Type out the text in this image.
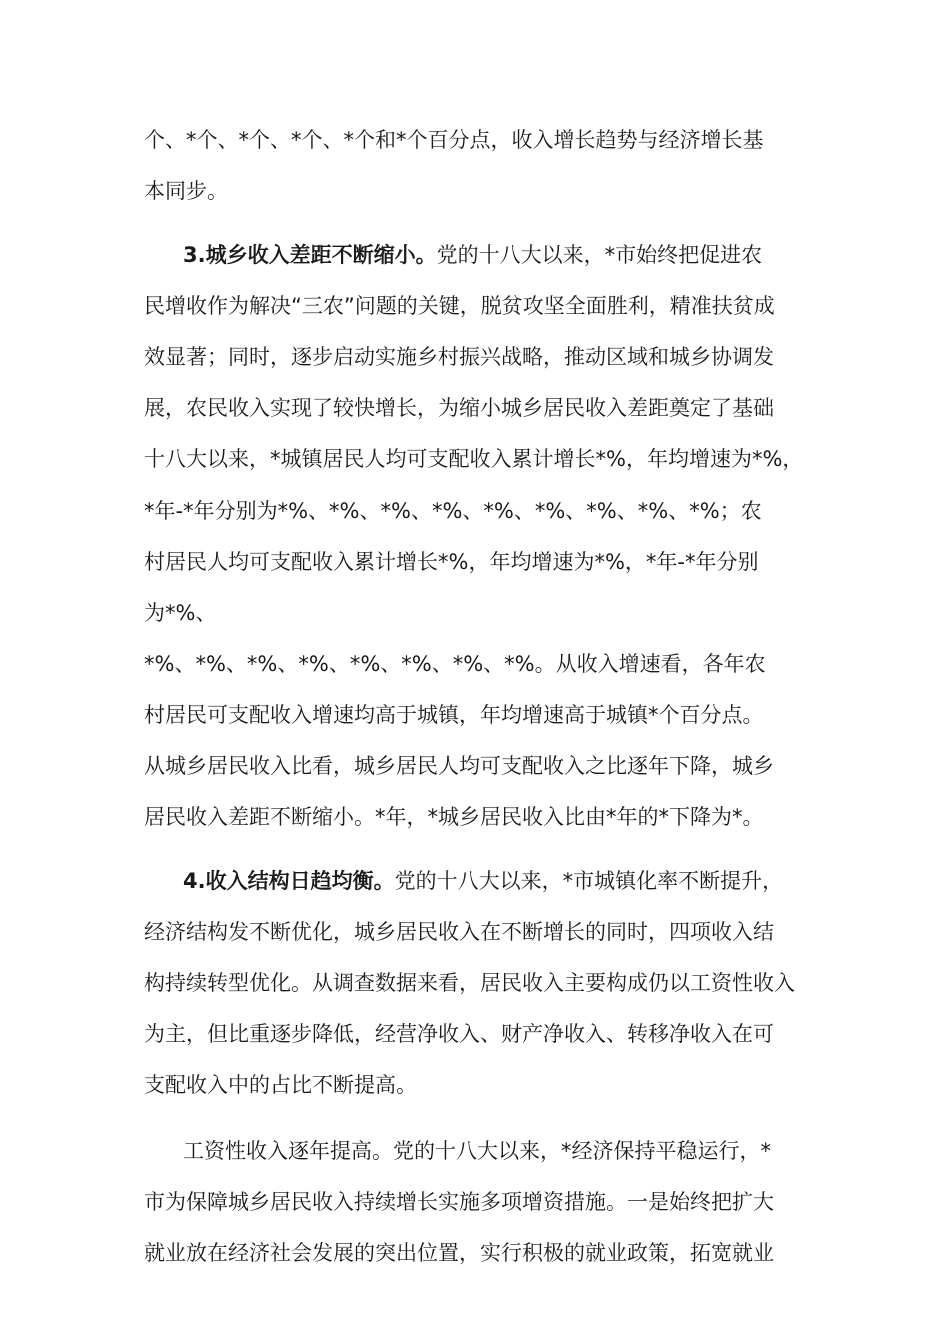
个、*个、*个、*个、*个和*个百分点，收入增长趋势与经济增长基
本同步。
3.城乡收入差距不断缩小。党的十八大以来，*市始终把促进农
民增收作为解决“三农”问题的关键，脱贫攻坚全面胜利，精准扶贫成
效显著；同时，逐步启动实施乡村振兴战略，推动区域和城乡协调发
展，农民收入实现了较快增长，为缩小城乡居民收入差距奠定了基础
十八大以来，*城镇居民人均可支配收入累计增长*%，年均增速为*%，
*年-*年分别为*%、*%、*%、*%、*%、*%、*%、*%、*%；农
村居民人均可支配收入累计增长*%，年均增速为*%，*年-*年分别
为*%、
*%、*%、*%、*%、*%、*%、*%、*%。从收入增速看，各年农
村居民可支配收入增速均高于城镇，年均增速高于城镇*个百分点。
从城乡居民收入比看，城乡居民人均可支配收入之比逐年下降，城乡
居民收入差距不断缩小。*年，*城乡居民收入比由*年的*下降为*。
4.收入结构日趋均衡。党的十八大以来，*市城镇化率不断提升，
经济结构发不断优化，城乡居民收入在不断增长的同时，四项收入结
构持续转型优化。从调查数据来看，居民收入主要构成仍以工资性收入
为主，但比重逐步降低，经营净收入、财产净收入、转移净收入在可
支配收入中的占比不断提高。
工资性收入逐年提高。党的十八大以来，*经济保持平稳运行，*
市为保障城乡居民收入持续增长实施多项增资措施。一是始终把扩大
就业放在经济社会发展的突出位置，实行积极的就业政策，拓宽就业
